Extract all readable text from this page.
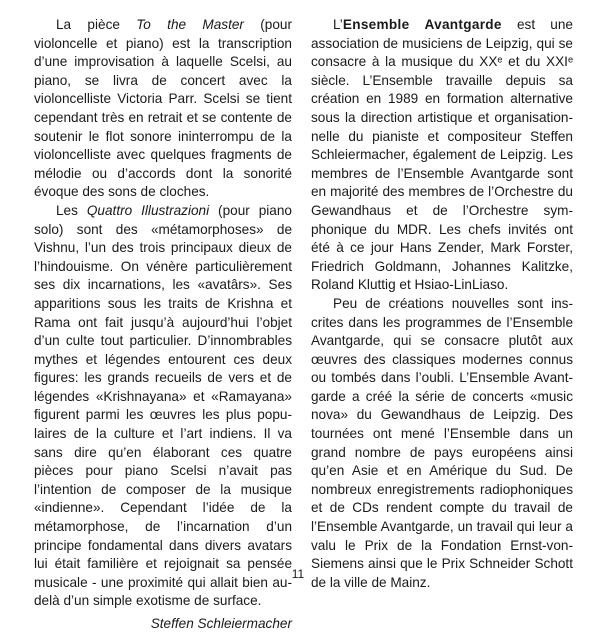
La pièce To the Master (pour violoncelle et piano) est la transcription d’une improvisation à laquelle Scelsi, au piano, se livra de concert avec la violoncelliste Victoria Parr. Scelsi se tient cependant très en retrait et se contente de soutenir le flot sonore ininterrompu de la violoncelliste avec quelques fragments de mélodie ou d’accords dont la sonorité évoque des sons de cloches.

Les Quattro Illustrazioni (pour piano solo) sont des «métamorphoses» de Vishnu, l’un des trois principaux dieux de l’hindouisme. On vénère particulièrement ses dix incarnations, les «avatârs». Ses apparitions sous les traits de Krishna et Rama ont fait jusqu’à aujourd’hui l’objet d’un culte tout particulier. D’innombrables mythes et légendes entourent ces deux figures: les grands recueils de vers et de légendes «Krishnayana» et «Ramayana» figurent parmi les œuvres les plus populaires de la culture et l’art indiens. Il va sans dire qu’en élaborant ces quatre pièces pour piano Scelsi n’avait pas l’intention de composer de la musique «indienne». Cependant l’idée de la métamorphose, de l’incarnation d’un principe fondamental dans divers avatars lui était familière et rejoignait sa pensée musicale - une proximité qui allait bien au-delà d’un simple exotisme de surface.

Steffen Schleiermacher

L’Ensemble Avantgarde est une association de musiciens de Leipzig, qui se consacre à la musique du XXᵉ et du XXIᵉ siècle. L’Ensemble travaille depuis sa création en 1989 en formation alternative sous la direction artistique et organisationnelle du pianiste et compositeur Steffen Schleiermacher, également de Leipzig. Les membres de l’Ensemble Avantgarde sont en majorité des membres de l’Orchestre du Gewandhaus et de l’Orchestre symphonique du MDR. Les chefs invités ont été à ce jour Hans Zender, Mark Forster, Friedrich Goldmann, Johannes Kalitzke, Roland Kluttig et Hsiao-LinLiaso.

Peu de créations nouvelles sont inscrites dans les programmes de l’Ensemble Avantgarde, qui se consacre plutôt aux œuvres des classiques modernes connus ou tombés dans l’oubli. L’Ensemble Avantgarde a créé la série de concerts «music nova» du Gewandhaus de Leipzig. Des tournées ont mené l’Ensemble dans un grand nombre de pays européens ainsi qu’en Asie et en Amérique du Sud. De nombreux enregistrements radiophoniques et de CDs rendent compte du travail de l’Ensemble Avantgarde, un travail qui leur a valu le Prix de la Fondation Ernst-von-Siemens ainsi que le Prix Schneider Schott de la ville de Mainz.

11
